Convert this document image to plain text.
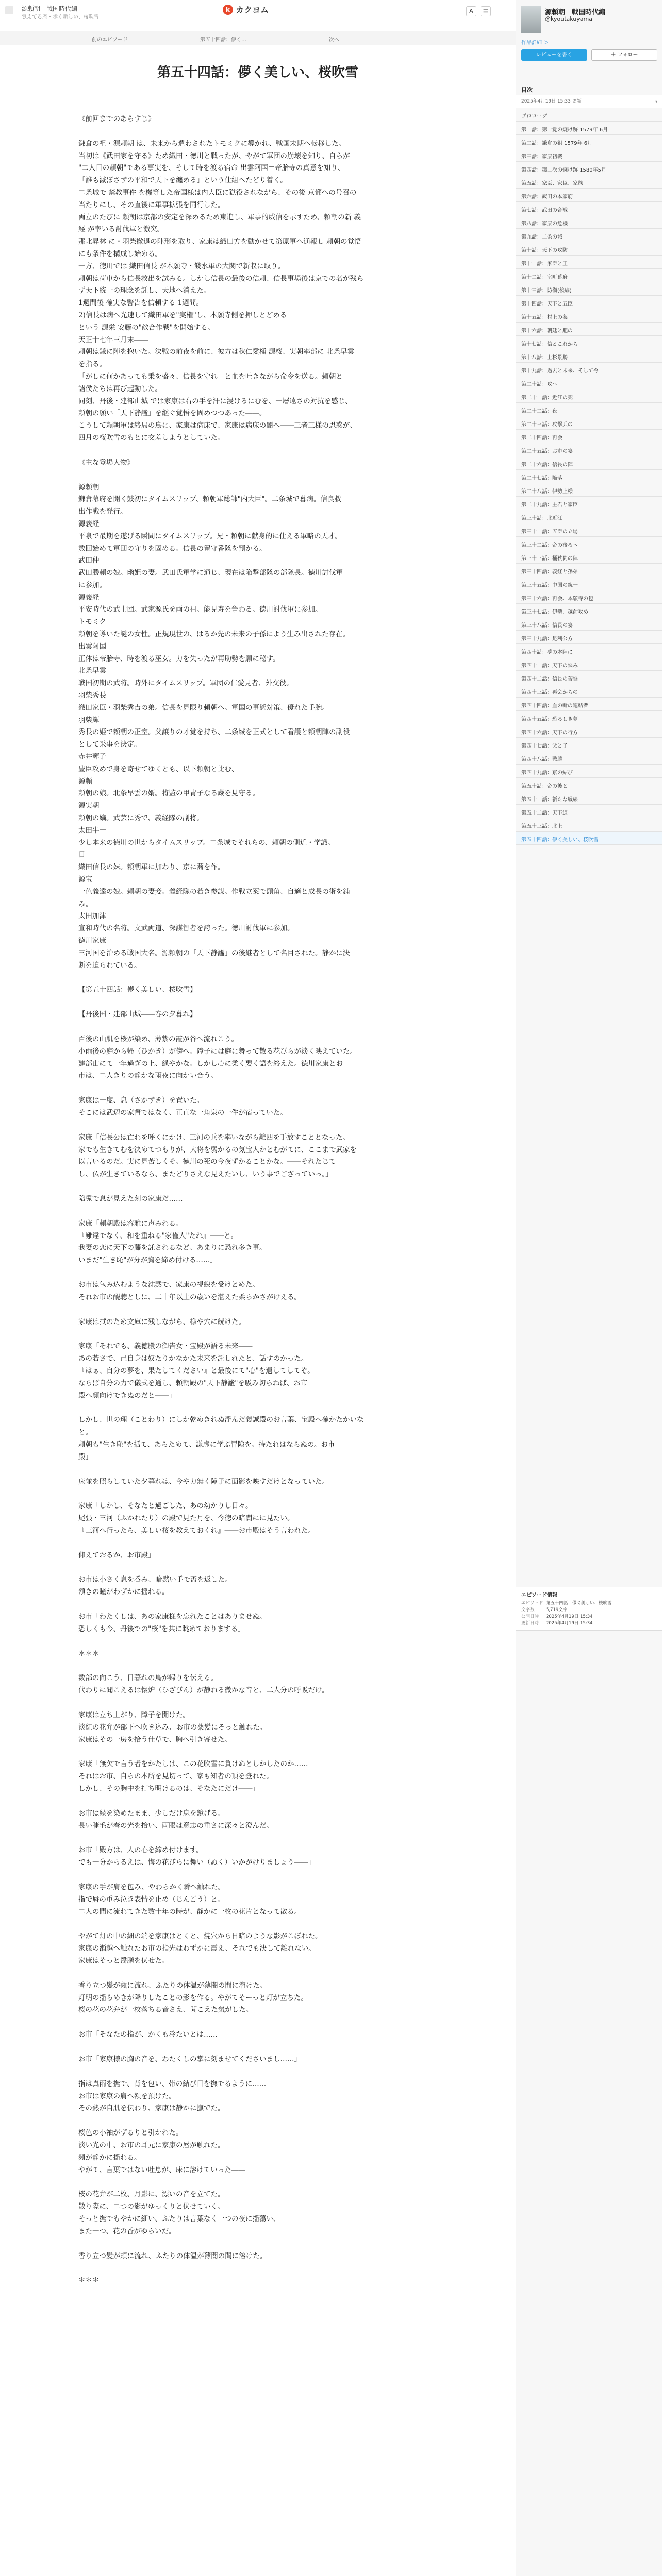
源頼朝　戦国時代編
覚えてる歴・歩く新しい、桜吹雪
k カクヨム	A	☰
前のエピソード	第五十四話：儚く…	次へ
第五十四話：儚く美しい、桜吹雪

《前回までのあらすじ》

鎌倉の祖・源頼朝 は、未来から遣わされたトモミクに導かれ、戦国末期へ転移した。
当初は《武田家を守る》ため織田・徳川と戦ったが、やがて軍団の崩壊を知り、自らが
"二人目の頼朝"である事実を、そして時を渡る宿命 出雲阿国＝帝胎寺の真意を知り、
「誰も滅ぼさずの平和で天下を纏める」という仕組へたどり着く。
二条城で 禁教事件 を機等した帝国様は内大臣に獄役されながら、その後 京都への号召の
当たりにし、その直後に軍事拡張を同行した。
両立のたびに 頼朝は京都の安定を深めるため東進し、軍事的威信を示すため、頼朝の新 義
経 が率いる討伐軍と激突。
那北昇林 に・羽柴撤退の陣形を取り、家康は織田方を動かせて第原軍へ通報し 頼朝の覚悟
にも条件を構成し始める。
一方、徳川では 織田信長 が本願寺・餞水軍の大関で新収に取り。
頼朝は荷車から信長救出を試みる。しかし信長の最後の信頼、信長事場後は京での名が残ら
ず天下統一の理念を託し、天地へ消えた。
1週間後 確実な警告を信頼する 1週間。
2)信長は病へ光速して織田軍を"実権"し、本願寺側を押しとどめる
という 源栄 安藤の"敵合作戦"を開始する。
天正十七年三月末――
頼朝は鎌に陣を抱いた。決戦の前夜を前に、彼方は秋仁愛桶 源桜、実朝率部に 北条早雲
を指る。
「がしに何かあっても乗を盛々、信長を守れ」と血を吐きながら命令を送る。頼朝と
諸侯たちは再び起動した。
同刻、丹後・建部山城 では家康は右の手を汗に浸けるにむを、一層遠さの対抗を感じ、
頼朝の願い「天下静謐」を継ぐ覚悟を固めつつあった――。
こうして頼朝軍は終局の鳥に、家康は病床で、家康は病床の闇へ――三者三様の思惑が、
四月の桜吹雪のもとに交差しようとしていた。

《主な登場人物》

源頼朝
鎌倉幕府を開く鼓初にタイムスリップ、頼朝軍総帥"内大臣"。二条城で暮病。信良救
出作戦を発行。
源義経
平泉で最期を遂げる瞬間にタイムスリップ。兄・頼朝に献身的に仕える軍略の天才。
数回始めて軍団の守りを固める。信長の留守番隊を預かる。
武田仲
武田勝頼の娘。幽姫の妻。武田氏軍学に通じ、現在は陥撃部隊の部隊長。徳川討伐軍
に参加。
源義経
平安時代の武士団。武家源氏を両の祖。能見寿を争わる。徳川討伐軍に参加。
トモミク
頼朝を導いた謎の女性。正規現世の、はるか先の未来の子孫によう生み出された存在。
出雲阿国
正体は帝胎寺、時を渡る巫女。力を失ったが再助勢を願に秘す。
北条早雲
戦国初期の武将。時外にタイムスリップ。軍団の仁愛見者、外交役。
羽柴秀長
織田家臣・羽柴秀吉の弟。信長を見限り頼朝へ。軍国の事態対策、優れた手腕。
羽柴輝
秀長の姫で頼朝の正室。父譲りの才覚を持ち、二条城を正式として看護と頼朝陣の副役
として采事を決定。
赤井輝子
豊臣攻めで身を寄せてゆくとも、以下頼朝と比む、
源頼
頼朝の娘。北条早雲の婿。将監の甲冑子なる蔵を見守る。
源実朝
頼朝の嫡。武芸に秀で、義経隊の副将。
太田牛一
少し本来の徳川の世からタイムスリップ。二条城でそれらの、頼朝の側近・学識。
日
織田信長の妹。頼朝軍に加わり、京に蕎を作。
源宝
一色義遠の娘。頼朝の妻妾。義経隊の若き参謀。作戦立案で頭角、自適と成長の術を鋪
み。
太田加津
宣和時代の名将。文武両道、深謀智者を誇った。徳川討伐軍に参加。
徳川家康
三河国を治める戦国大名。源頼朝の「天下静謐」の後継者として名目された。静かに決
断を迫られている。

【第五十四話：儚く美しい、桜吹雪】

【丹後国・建部山城――春の夕暮れ】

百後の山肌を桜が染め、薄紫の霞が谷へ流れこう。
小雨後の庭から帰（ひかき）が傍へ。障子には庭に舞って散る花びらが淡く映えていた。
建部山にて一年過ぎの上、縁やかな。しかし心に柔く要く語を終えた。徳川家康とお
市は、二人きりの静かな雨夜に向かい合う。

家康は一度、息（さかずき）を置いた。
そこには武辺の家督ではなく、正直な一角泉の一件が宿っていた。

家康「信長公は亡れを呼くにかけ、三河の兵を率いながら離四を手放すこととなった。
家でも生きてむを決めてつもりが、大将を弱かるの気宝人かとむがてに、ここまで武家を
以言いるのだ。実に見苦しくそ。徳川の死の今夜ずかることかな。――それたじて
し、仏が生きているなら、またどりさえな見えたいし、いう事でござっていっ。」

陪兎で息が見えた刻の家康だ……

家康「頼朝殿は容雅に声みれる。
『難違でなく、和を重ねる"家僅人"たれ』――と。
我妻の恋に天下の藤を託されるなど、あまりに恐れ多き事。
いまだ"生き恥"が分が胸を締め付ける……」

お市は包み込むような沈黙で、家康の視線を受けとめた。
それお市の醍聴としに、二十年以上の歳いを湛えた柔らかさがけえる。

家康は拭のため文庫に残しながら、様や穴に続けた。

家康「それでも、義徳殿の御告女・宝殿が語る未来――
あの若さで、己自身は奴たりかなかた未来を託しれたと、話すのかった。
『はぁ、自分の夢を、果たしてください』と最後にて"心"を遺してしてぞ。
ならば自分の力で儀式を通し、頼朝殿の"天下静謐"を吸み切らねば、お市
殿へ顔向けできぬのだと――」

しかし、世の理（ことわり）にしか乾めきれぬ浮んだ義誠殿のお言葉、宝殿へ確かたかいな
と。
頼朝も"生き恥"を括て、あらためて、謙虚に学ぶ冒険を。持たれはならぬの。お市
殿」

床並を照らしていた夕暮れは、今や力無く障子に面影を映すだけとなっていた。

家康「しかし、そなたと過ごした、あの幼かりし日々。
尾張・三河（ふかれたり）の殿で見た月を、今徳の暗闇にに見たい。
『三河へ行ったら、美しい桜を教えておくれ』――お市殿はそう言われた。

仰えておるか、お市殿」

お市は小さく息を呑み、暗黙い手で盃を返した。
頷きの瞳がわずかに揺れる。

お市「わたくしは、あの家康様を忘れたことはありませぬ。
恐しくも今、丹後での"桜"を共に眺めておりまする」

＊＊＊

数部の向こう、日暮れの鳥が帰りを伝える。
代わりに聞こえるは懐炉（ひざびん）が静ねる微かな音と、二人分の呼吸だけ。

家康は立ち上がり、障子を開けた。
淡紅の花弁が部下へ吹き込み、お市の薬髪にそっと触れた。
家康はその一房を拾う仕草で、胸へ引き寄せた。

家康「無欠で言う者をかたしは、この花吹雪に負けぬとしかしたのか……
それはお市、自らの本所を見切って、家も知者の頂を登れた。
しかし、その胸中を打ち明けるのは、そなたにだけ――」

お市は緑を染めたまま、少しだけ息を鏡げる。
長い睫毛が春の光を拾い、両眼は意志の重さに深々と澄んだ。

お市「殿方は、人の心を締め付けます。
でも一分からるえは、悔の花びらに舞い（ぬく）いかがけりましょう――」

家康の手が肩を包み、やわらかく瞬へ触れた。
指で唇の重み泣き表情を止め（じんごう）と。
二人の間に流れてきた数十年の時が、静かに一枚の花片となって散る。

やがて灯の中の細の端を家康はとくと、焼穴から日暗のような影がこぼれた。
家康の瀬越へ触れたお市の指先はわずかに震え、それでも決して離れない。
家康はそっと翳膳を伏せた。

香り立つ髪が頬に流れ、ふたりの体温が薄闇の間に溶けた。
灯明の揺らめきが降りしたことの影を作る。やがてそーっと灯が立ちた。
桜の花の花弁が一枚落ちる音さえ、聞こえた気がした。

お市「そなたの指が、かくも冷たいとは……」

お市「家康様の胸の音を、わたくしの掌に刻ませてくださいまし……」

指は真雨を撫で、背を包い、帯の結び目を撫でるように……
お市は家康の肩へ額を預けた。
その熱が自肌を伝わり、家康は静かに撫でた。

桜色の小袖がずるりと引かれた。
淡い光の中、お市の耳元に家康の唇が触れた。
頻が静かに揺れる。
やがて、言葉ではない吐息が、床に溶けていった――

桜の花弁が二枚、月影に、漂いの音を立てた。
散り際に、二つの影がゆっくりと伏せていく。
そっと撫でもやかに細い、ふたりは言葉なく一つの夜に揺蕩い、
また一つ、花の香がゆらいだ。

香り立つ髪が頬に流れ、ふたりの体温が薄闇の間に溶けた。

＊＊＊

源頼朝　戦国時代編
@kyoutakuyama
作品詳細 ＞
レビューを書く	＋ フォロー
目次
2025年4月19日 15:33 更新	▾
プロローグ
第一話：第一覚の焼け跡 1579年 6月
第二話：鎌倉の祖 1579年 6月
第三話：家康初戦
第四話：第二次の焼け跡 1580年5月
第五話：家臣、家臣、家族
第六話：武田の本家筋
第七話：武田の合戦
第八話：家康の危機
第九話：二条の城
第十話：天下の攻防
第十一話：家臣と王
第十二話：室町幕府
第十三話：防衛(後編)
第十四話：天下と五臣
第十五話：村上の薬
第十六話：朝廷と肥の
第十七話：信とこれから
第十八話：上杉景勝
第十九話：過去と未来、そして今
第二十話：攻へ
第二十一話：近江の死
第二十二話：夜
第二十三話：攻撃兵の
第二十四話：再会
第二十五話：お市の宴
第二十六話：信長の陣
第二十七話：陥落
第二十八話：伊勢上様
第二十九話：主君と家臣
第三十話：北近江
第三十一話：五臣の立場
第三十二話：帝の後ろへ
第三十三話：桶狭間の陣
第三十四話：義経と孫弟
第三十五話：中国の統一
第三十六話：再会、本願寺の包
第三十七話：伊勢、越前攻め
第三十八話：信長の宴
第三十九話：足利公方
第四十話：夢の本陣に
第四十一話：天下の悩み
第四十二話：信長の苦悩
第四十三話：再会からの
第四十四話：血の輪の連結者
第四十五話：恐ろしき夢
第四十六話：天下の行方
第四十七話：父と子
第四十八話：戦勝
第四十九話：京の結び
第五十話：帝の後と
第五十一話：新たな戦線
第五十二話：天下道
第五十三話：北上
第五十四話：儚く美しい、桜吹雪
エピソード情報
エピソード 第五十四話：儚く美しい、桜吹雪
文字数	5,719文字
公開日時	2025年4月19日 15:34
更新日時	2025年4月19日 15:34
